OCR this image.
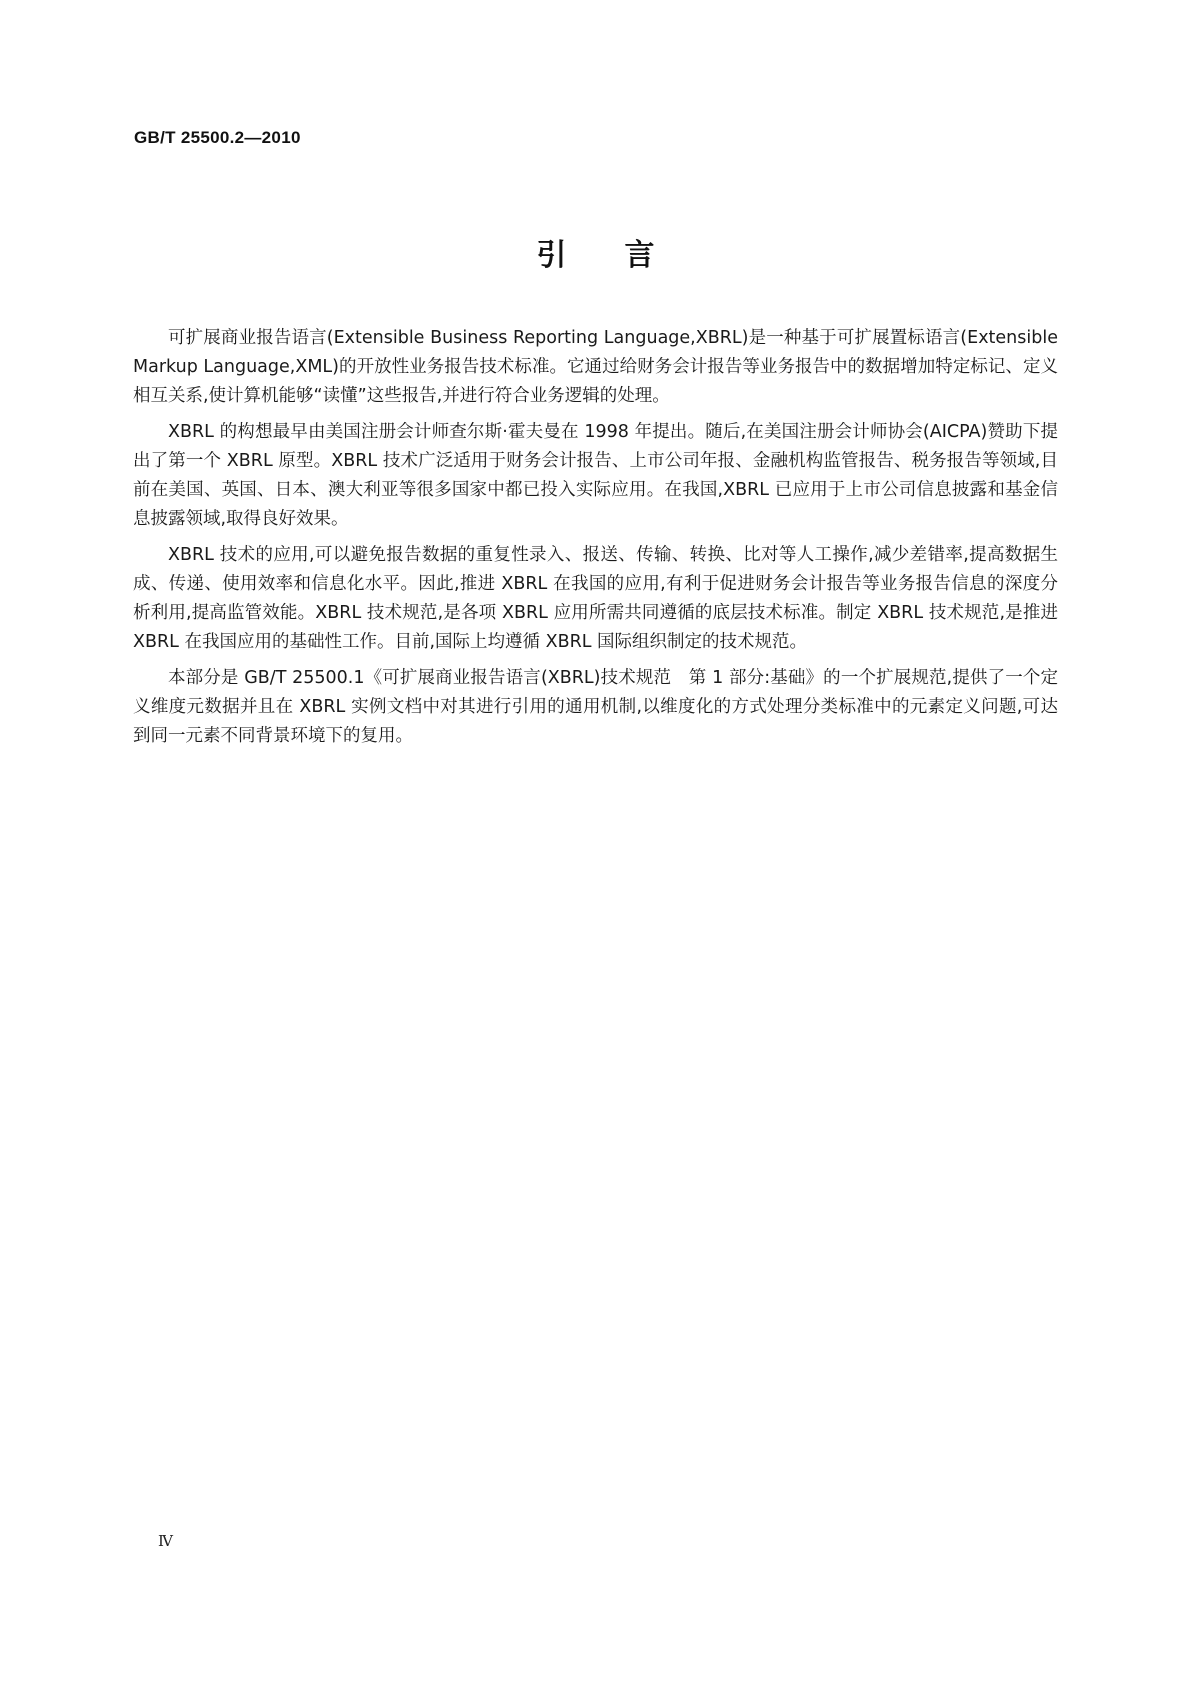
GB/T 25500.2—2010
引 言

可扩展商业报告语言(Extensible Business Reporting Language,XBRL)是一种基于可扩展置标语言(Extensible Markup Language,XML)的开放性业务报告技术标准。它通过给财务会计报告等业务报告中的数据增加特定标记、定义相互关系,使计算机能够“读懂”这些报告,并进行符合业务逻辑的处理。

XBRL 的构想最早由美国注册会计师查尔斯·霍夫曼在 1998 年提出。随后,在美国注册会计师协会(AICPA)赞助下提出了第一个 XBRL 原型。XBRL 技术广泛适用于财务会计报告、上市公司年报、金融机构监管报告、税务报告等领域,目前在美国、英国、日本、澳大利亚等很多国家中都已投入实际应用。在我国,XBRL 已应用于上市公司信息披露和基金信息披露领域,取得良好效果。

XBRL 技术的应用,可以避免报告数据的重复性录入、报送、传输、转换、比对等人工操作,减少差错率,提高数据生成、传递、使用效率和信息化水平。因此,推进 XBRL 在我国的应用,有利于促进财务会计报告等业务报告信息的深度分析利用,提高监管效能。XBRL 技术规范,是各项 XBRL 应用所需共同遵循的底层技术标准。制定 XBRL 技术规范,是推进 XBRL 在我国应用的基础性工作。目前,国际上均遵循 XBRL 国际组织制定的技术规范。

本部分是 GB/T 25500.1《可扩展商业报告语言(XBRL)技术规范　第 1 部分:基础》的一个扩展规范,提供了一个定义维度元数据并且在 XBRL 实例文档中对其进行引用的通用机制,以维度化的方式处理分类标准中的元素定义问题,可达到同一元素不同背景环境下的复用。

Ⅳ
